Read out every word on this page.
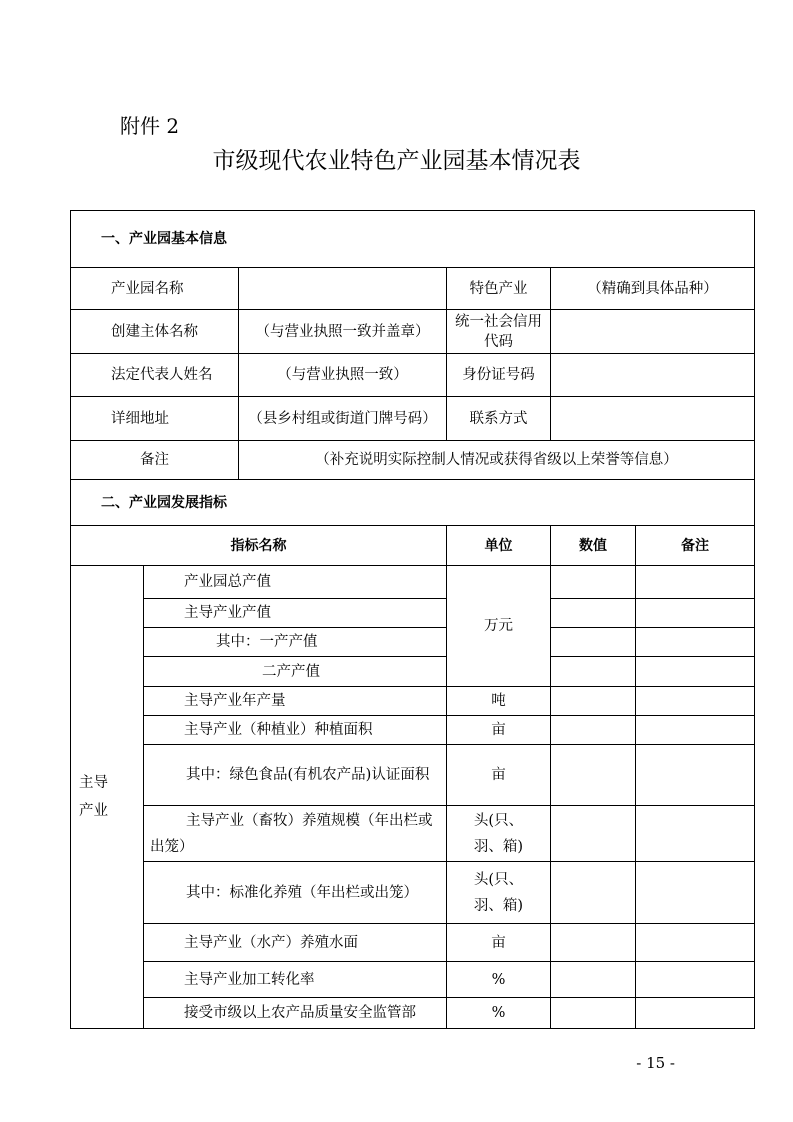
附件 2
市级现代农业特色产业园基本情况表
一、产业园基本信息					
产业园名称			特色产业	（精确到具体品种）	
创建主体名称		（与营业执照一致并盖章）	统一社会信用代码		
法定代表人姓名		（与营业执照一致）	身份证号码		
详细地址		（县乡村组或街道门牌号码）	联系方式		
备注		（补充说明实际控制人情况或获得省级以上荣誉等信息）			
二、产业园发展指标					
指标名称			单位	数值	备注

主导产业	产业园总产值		万元		
	主导产业产值				
	其中：一产产值				
	二产产值				
	主导产业年产量		吨		
	主导产业（种植业）种植面积		亩		
	其中：绿色食品(有机农产品)认证面积		亩		
	主导产业（畜牧）养殖规模（年出栏或出笼）		头(只、羽、箱)		
	其中：标准化养殖（年出栏或出笼）		头(只、羽、箱)		
	主导产业（水产）养殖水面		亩		
	主导产业加工转化率		%		
	接受市级以上农产品质量安全监管部		%		
- 15 -
